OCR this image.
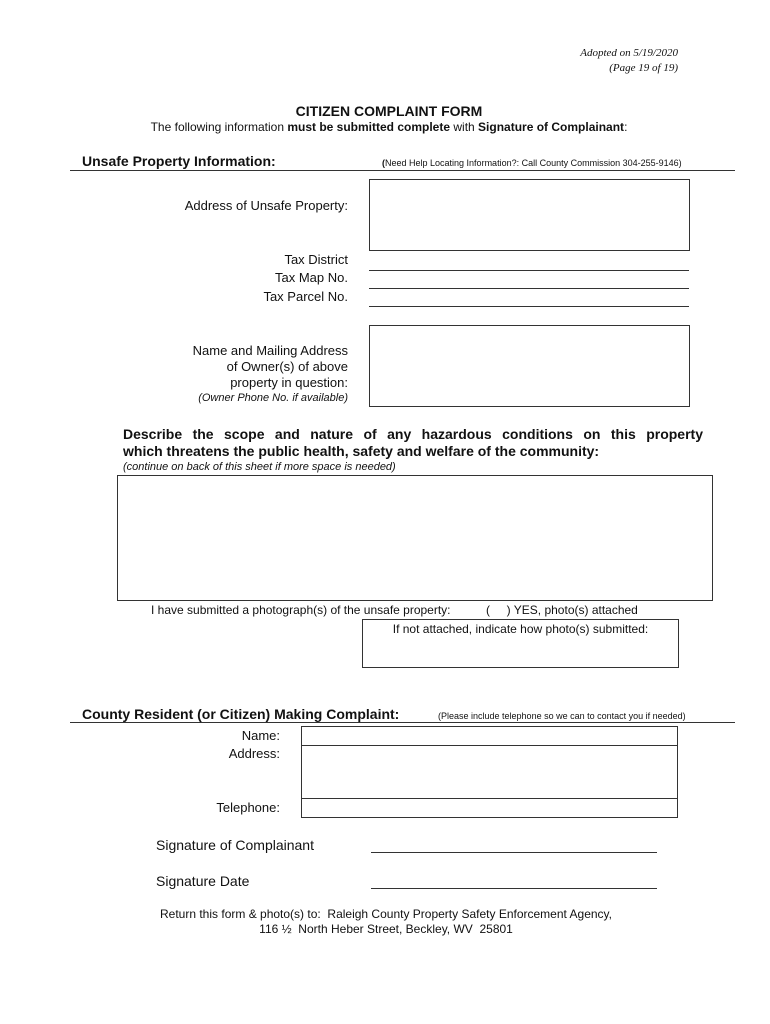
Adopted on 5/19/2020
(Page 19 of 19)
CITIZEN COMPLAINT FORM
The following information must be submitted complete with Signature of Complainant:
Unsafe Property Information:	(Need Help Locating Information?: Call County Commission 304-255-9146)
Address of Unsafe Property:
Tax District
Tax Map No.
Tax Parcel No.
Name and Mailing Address
of Owner(s) of above
property in question:
(Owner Phone No. if available)
Describe the scope and nature of any hazardous conditions on this property
which threatens the public health, safety and welfare of the community:
(continue on back of this sheet if more space is needed)
I have submitted a photograph(s) of the unsafe property:	(     ) YES, photo(s) attached
If not attached, indicate how photo(s) submitted:
County Resident (or Citizen) Making Complaint:	(Please include telephone so we can to contact you if needed)
Name:
Address:
Telephone:
Signature of Complainant
Signature Date
Return this form & photo(s) to:  Raleigh County Property Safety Enforcement Agency,
116 ½  North Heber Street, Beckley, WV  25801
